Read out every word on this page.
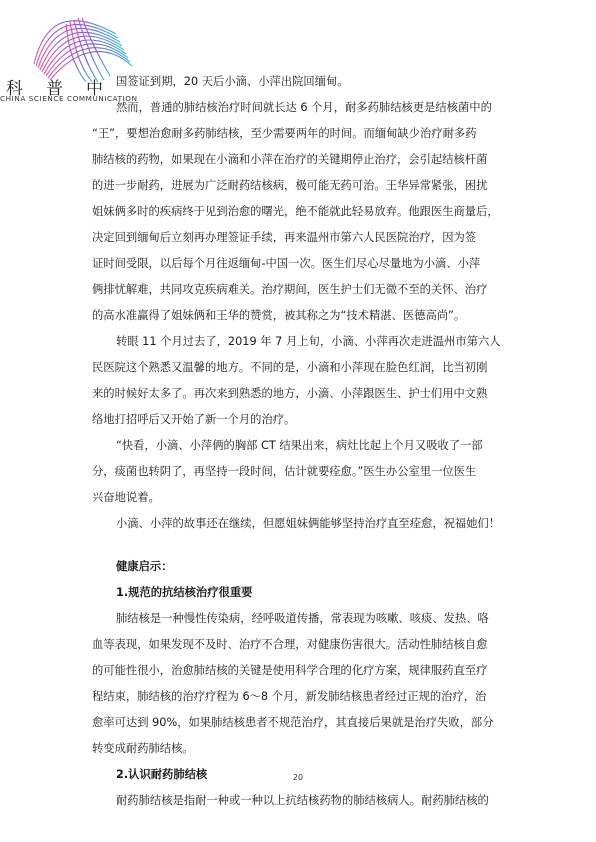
科 普 中
CHINA SCIENCE COMMUNICATION
国签证到期，20 天后小滴、小萍出院回缅甸。
然而，普通的肺结核治疗时间就长达 6 个月，耐多药肺结核更是结核菌中的
“王”，要想治愈耐多药肺结核，至少需要两年的时间。而缅甸缺少治疗耐多药
肺结核的药物，如果现在小滴和小萍在治疗的关键期停止治疗，会引起结核杆菌
的进一步耐药，进展为广泛耐药结核病，极可能无药可治。王华异常紧张，困扰
姐妹俩多时的疾病终于见到治愈的曙光，绝不能就此轻易放弃。他跟医生商量后，
决定回到缅甸后立刻再办理签证手续，再来温州市第六人民医院治疗，因为签
证时间受限，以后每个月往返缅甸-中国一次。医生们尽心尽量地为小滴、小萍
俩排忧解难，共同攻克疾病难关。治疗期间，医生护士们无微不至的关怀、治疗
的高水准赢得了姐妹俩和王华的赞赏，被其称之为“技术精湛、医德高尚”。
转眼 11 个月过去了，2019 年 7 月上旬，小滴、小萍再次走进温州市第六人
民医院这个熟悉又温馨的地方。不同的是，小滴和小萍现在脸色红润，比当初刚
来的时候好太多了。再次来到熟悉的地方，小滴、小萍跟医生、护士们用中文熟
络地打招呼后又开始了新一个月的治疗。
“快看，小滴、小萍俩的胸部 CT 结果出来，病灶比起上个月又吸收了一部
分，痰菌也转阴了，再坚持一段时间，估计就要痊愈。”医生办公室里一位医生
兴奋地说着。
小滴、小萍的故事还在继续，但愿姐妹俩能够坚持治疗直至痊愈，祝福她们！
健康启示：
1.规范的抗结核治疗很重要
肺结核是一种慢性传染病，经呼吸道传播，常表现为咳嗽、咳痰、发热、咯
血等表现，如果发现不及时、治疗不合理，对健康伤害很大。活动性肺结核自愈
的可能性很小，治愈肺结核的关键是使用科学合理的化疗方案，规律服药直至疗
程结束，肺结核的治疗疗程为 6～8 个月，新发肺结核患者经过正规的治疗，治
愈率可达到 90%，如果肺结核患者不规范治疗，其直接后果就是治疗失败，部分
转变成耐药肺结核。
2.认识耐药肺结核
耐药肺结核是指耐一种或一种以上抗结核药物的肺结核病人。耐药肺结核的
20
